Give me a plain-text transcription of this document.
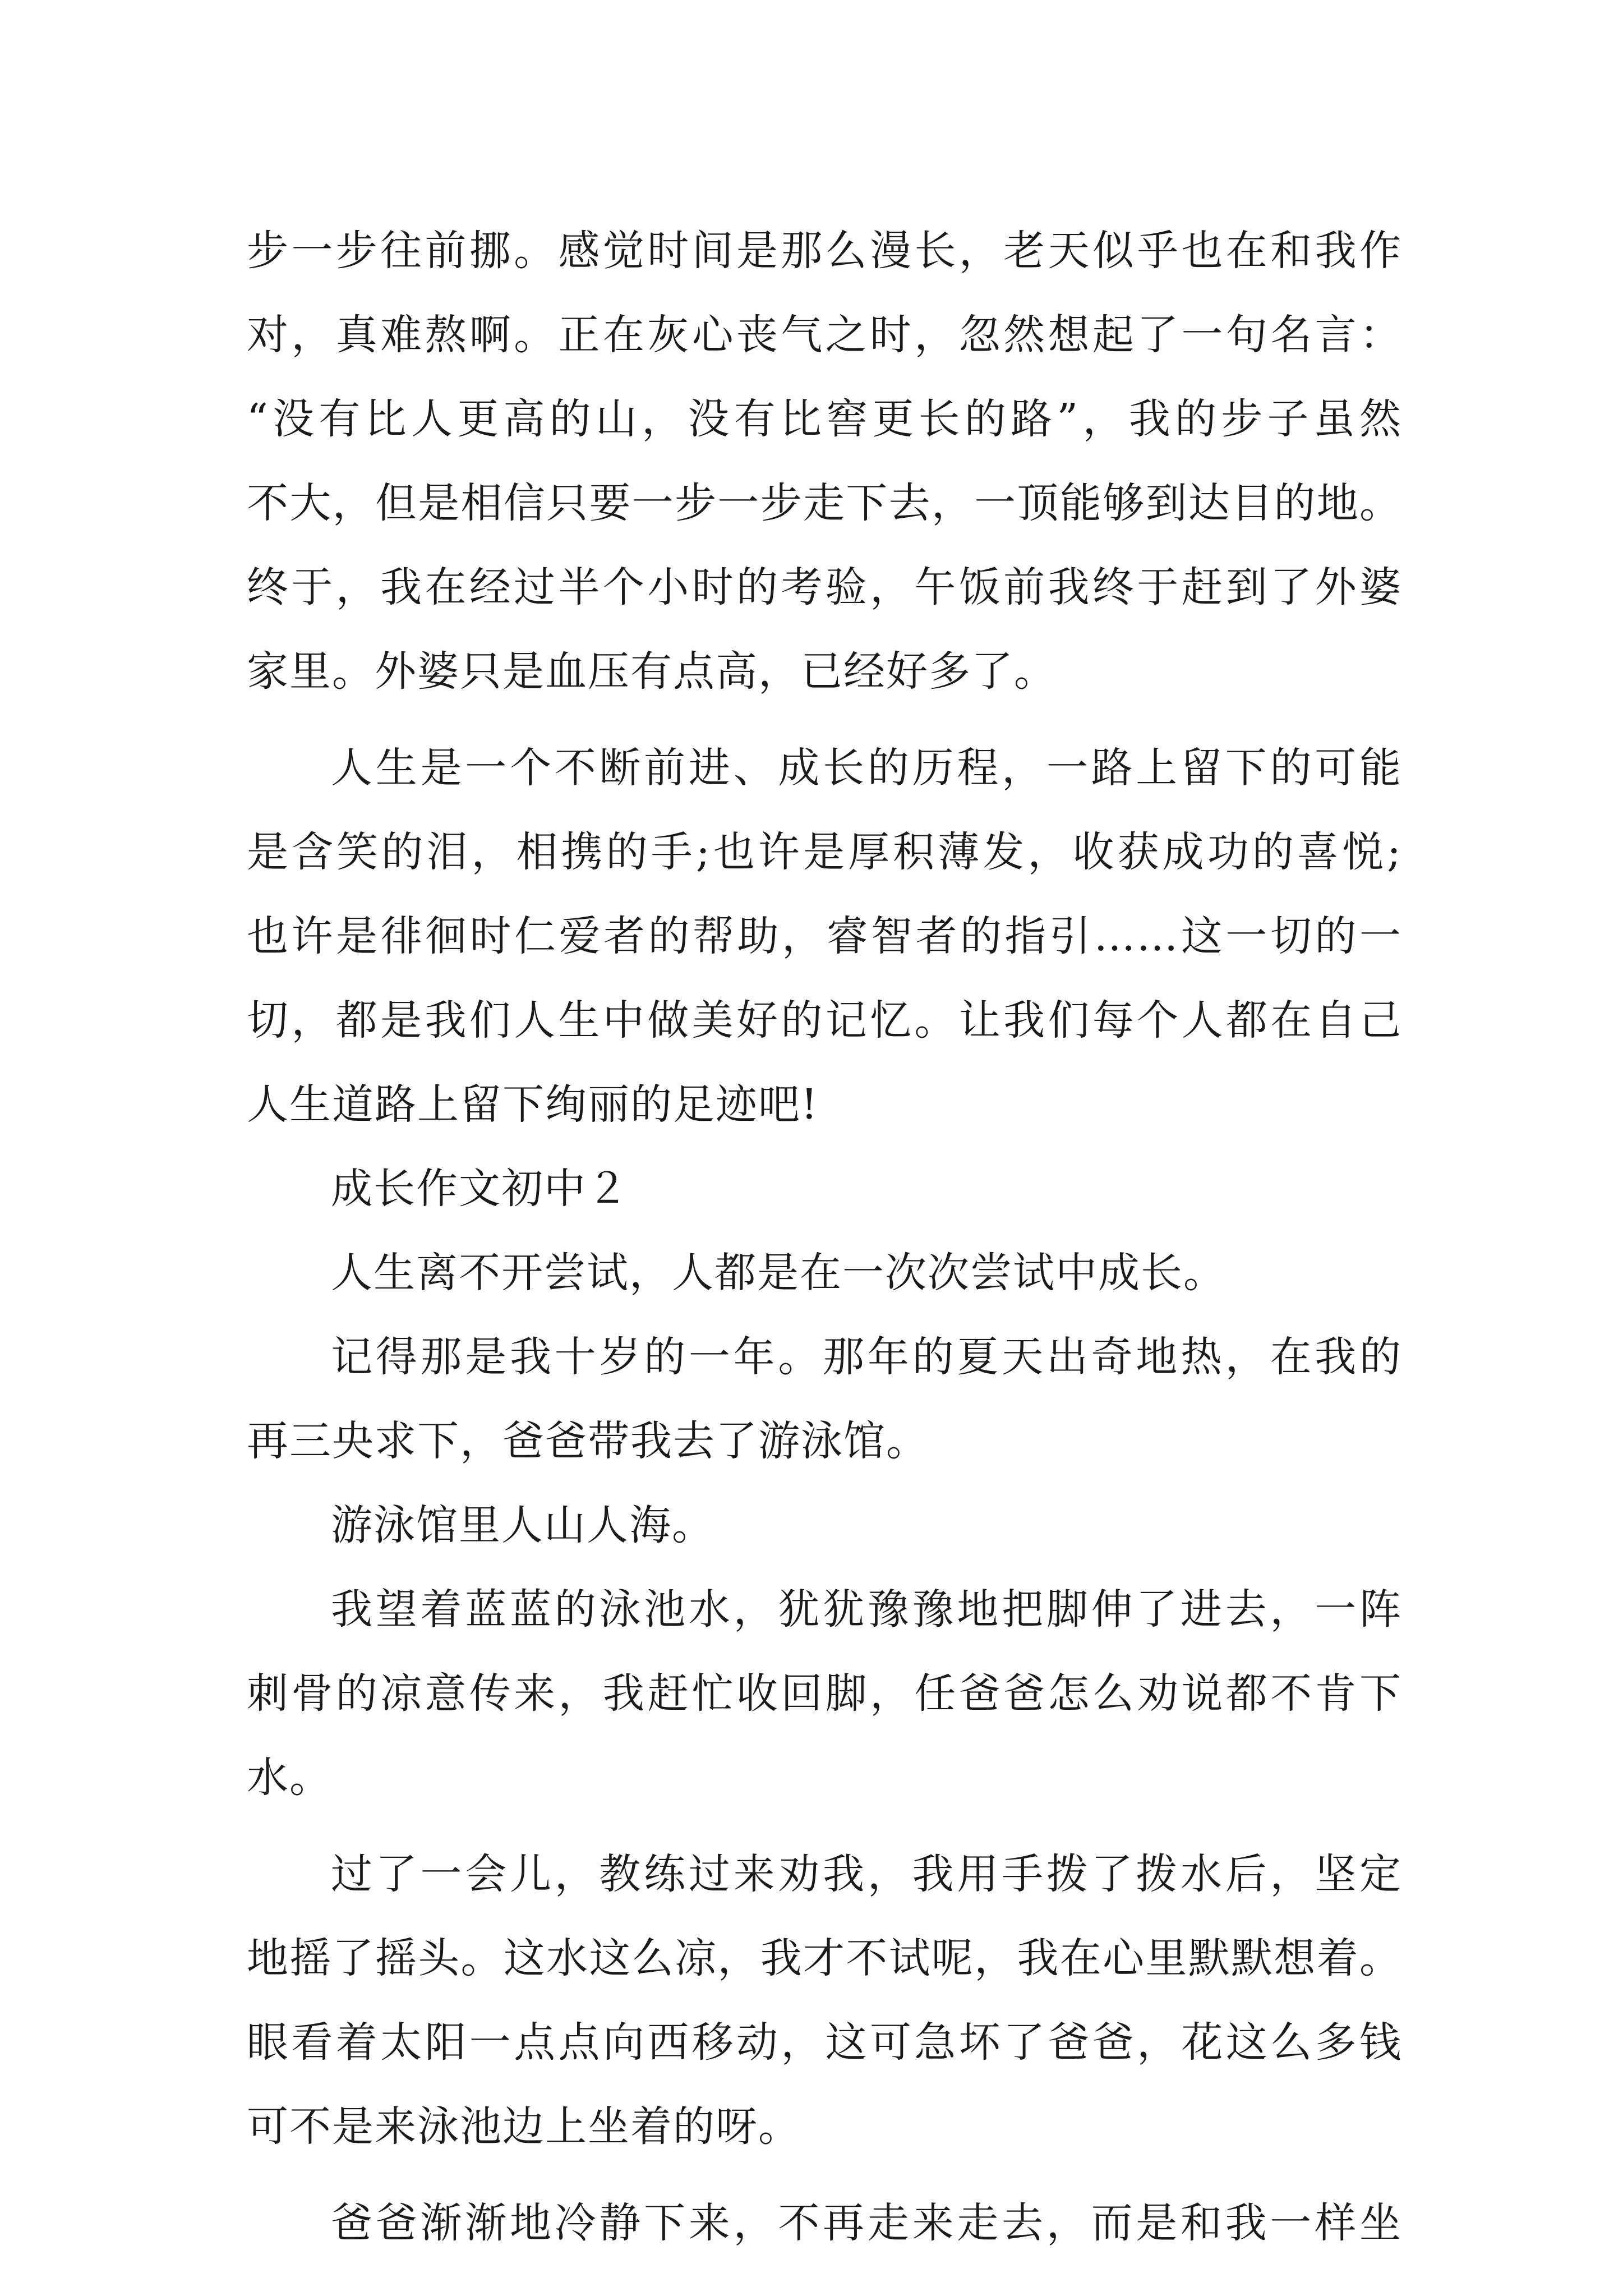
步一步往前挪。感觉时间是那么漫长，老天似乎也在和我作
对，真难熬啊。正在灰心丧气之时，忽然想起了一句名言：
“没有比人更高的山，没有比窖更长的路”，我的步子虽然
不大，但是相信只要一步一步走下去，一顶能够到达目的地。
终于，我在经过半个小时的考验，午饭前我终于赶到了外婆
家里。外婆只是血压有点高，已经好多了。
人生是一个不断前进、成长的历程，一路上留下的可能
是含笑的泪，相携的手;也许是厚积薄发，收获成功的喜悦;
也许是徘徊时仁爱者的帮助，睿智者的指引……这一切的一
切，都是我们人生中做美好的记忆。让我们每个人都在自己
人生道路上留下绚丽的足迹吧!
成长作文初中２
人生离不开尝试，人都是在一次次尝试中成长。
记得那是我十岁的一年。那年的夏天出奇地热，在我的
再三央求下，爸爸带我去了游泳馆。
游泳馆里人山人海。
我望着蓝蓝的泳池水，犹犹豫豫地把脚伸了进去，一阵
刺骨的凉意传来，我赶忙收回脚，任爸爸怎么劝说都不肯下
水。
过了一会儿，教练过来劝我，我用手拨了拨水后，坚定
地摇了摇头。这水这么凉，我才不试呢，我在心里默默想着。
眼看着太阳一点点向西移动，这可急坏了爸爸，花这么多钱
可不是来泳池边上坐着的呀。
爸爸渐渐地冷静下来，不再走来走去，而是和我一样坐
